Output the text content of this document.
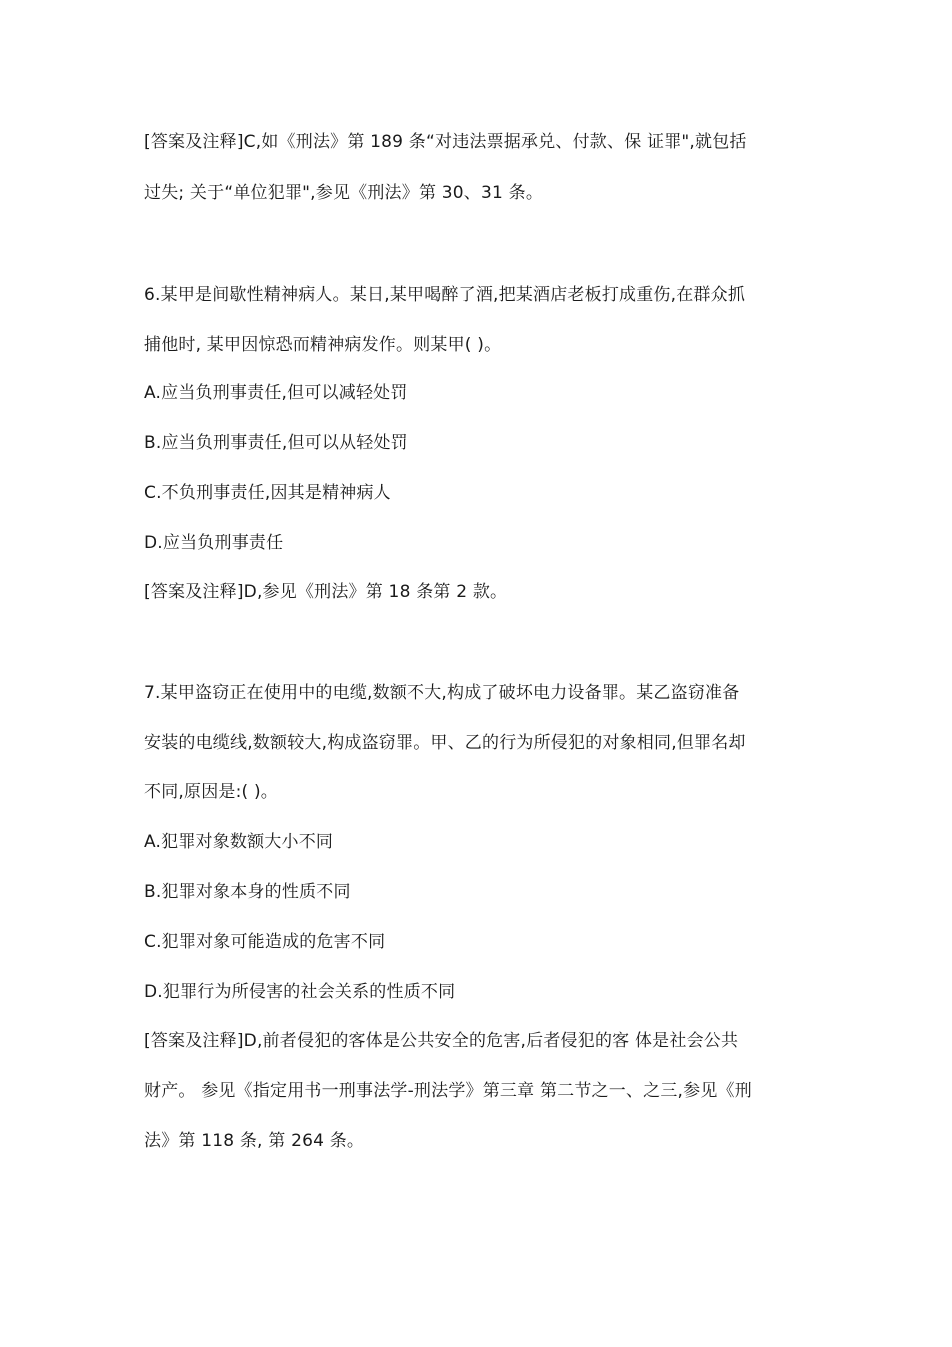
[答案及注释]C,如《刑法》第 189 条“对违法票据承兑、付款、保 证罪",就包括
过失; 关于“单位犯罪",参见《刑法》第 30、31 条。
6.某甲是间歇性精神病人。某日,某甲喝醉了酒,把某酒店老板打成重伤,在群众抓
捕他时, 某甲因惊恐而精神病发作。则某甲( )。
A.应当负刑事责任,但可以减轻处罚
B.应当负刑事责任,但可以从轻处罚
C.不负刑事责任,因其是精神病人
D.应当负刑事责任
[答案及注释]D,参见《刑法》第 18 条第 2 款。
7.某甲盗窃正在使用中的电缆,数额不大,构成了破坏电力设备罪。某乙盗窃准备
安装的电缆线,数额较大,构成盗窃罪。甲、乙的行为所侵犯的对象相同,但罪名却
不同,原因是:( )。
A.犯罪对象数额大小不同
B.犯罪对象本身的性质不同
C.犯罪对象可能造成的危害不同
D.犯罪行为所侵害的社会关系的性质不同
[答案及注释]D,前者侵犯的客体是公共安全的危害,后者侵犯的客 体是社会公共
财产。 参见《指定用书一刑事法学-刑法学》第三章 第二节之一、之三,参见《刑
法》第 118 条, 第 264 条。
